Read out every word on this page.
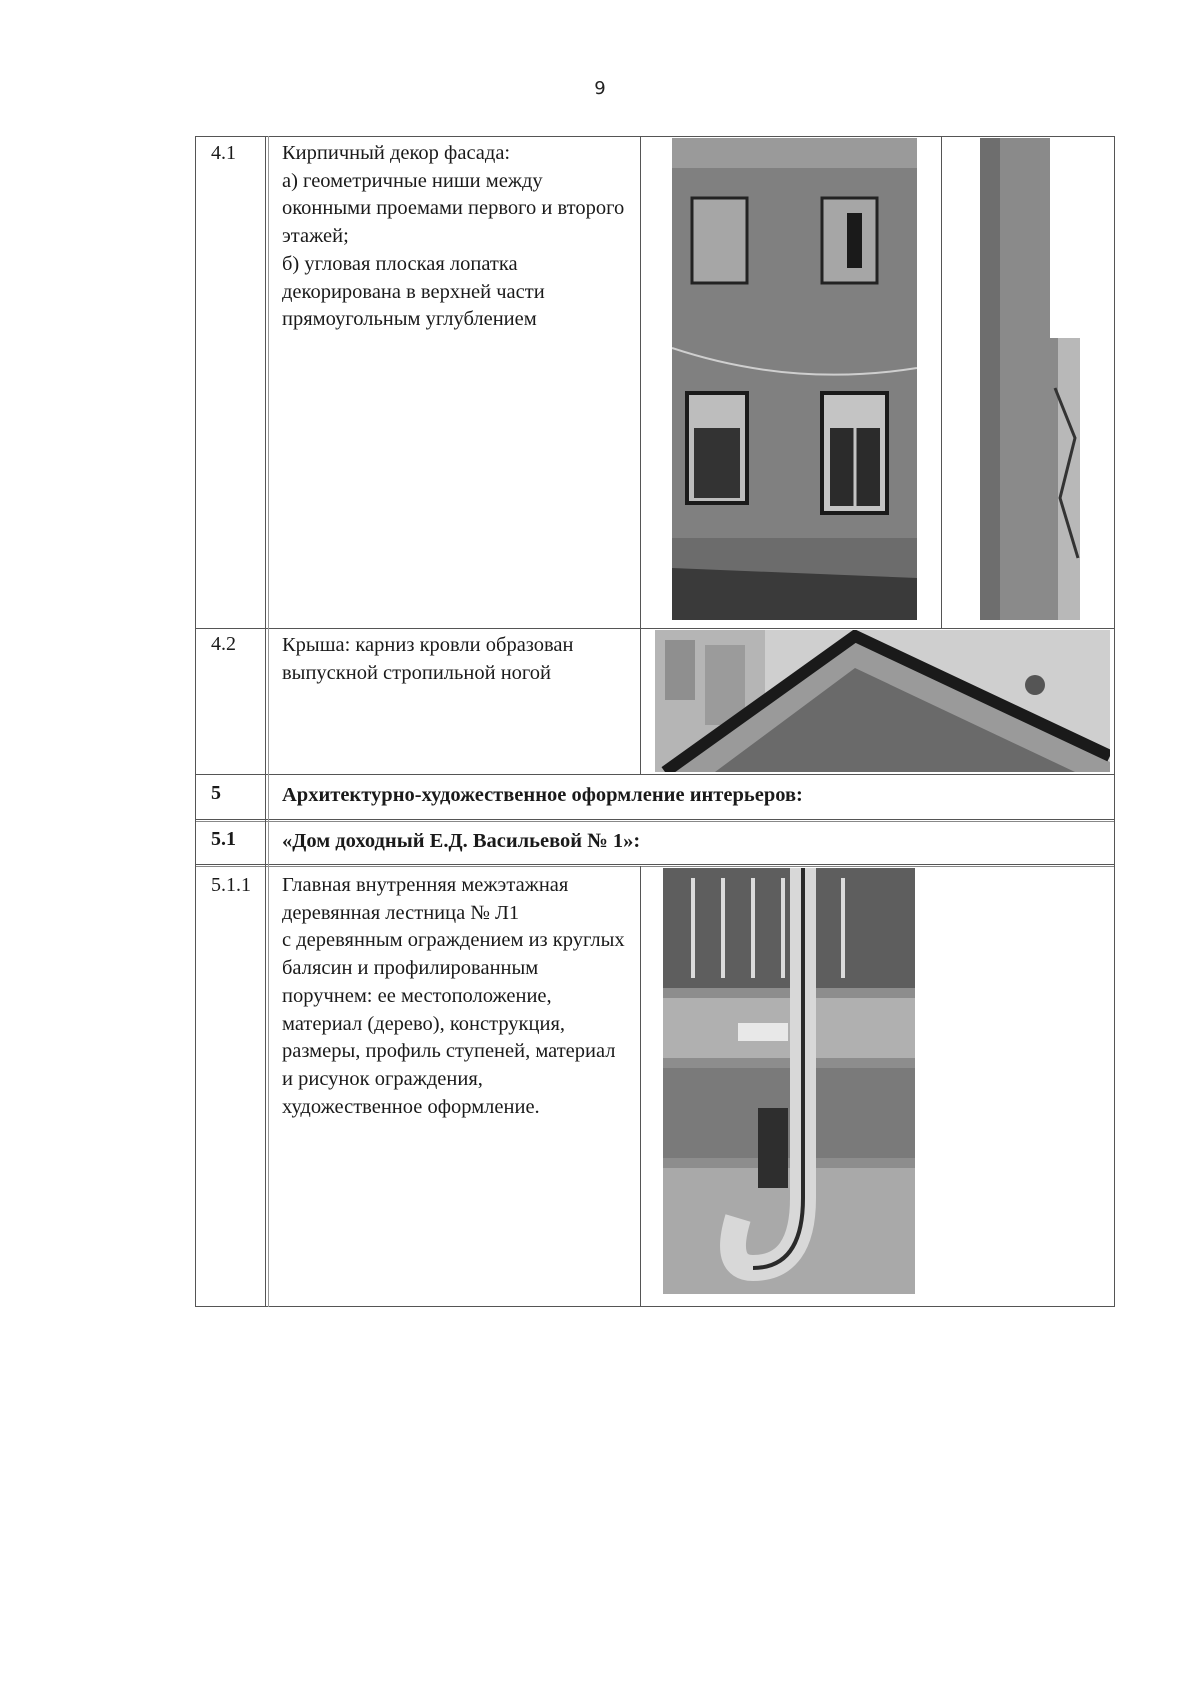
9
4.1 Кирпичный декор фасада:
а) геометричные ниши между оконными проемами первого и второго этажей;
б) угловая плоская лопатка декорирована в верхней части прямоугольным углублением
4.2 Крыша: карниз кровли образован выпускной стропильной ногой
5	Архитектурно-художественное оформление интерьеров:
5.1 «Дом доходный Е.Д. Васильевой № 1»:
5.1.1 Главная внутренняя межэтажная деревянная лестница № Л1
с деревянным ограждением из круглых балясин и профилированным поручнем: ее местоположение, материал (дерево), конструкция, размеры, профиль ступеней, материал и рисунок ограждения, художественное оформление.
